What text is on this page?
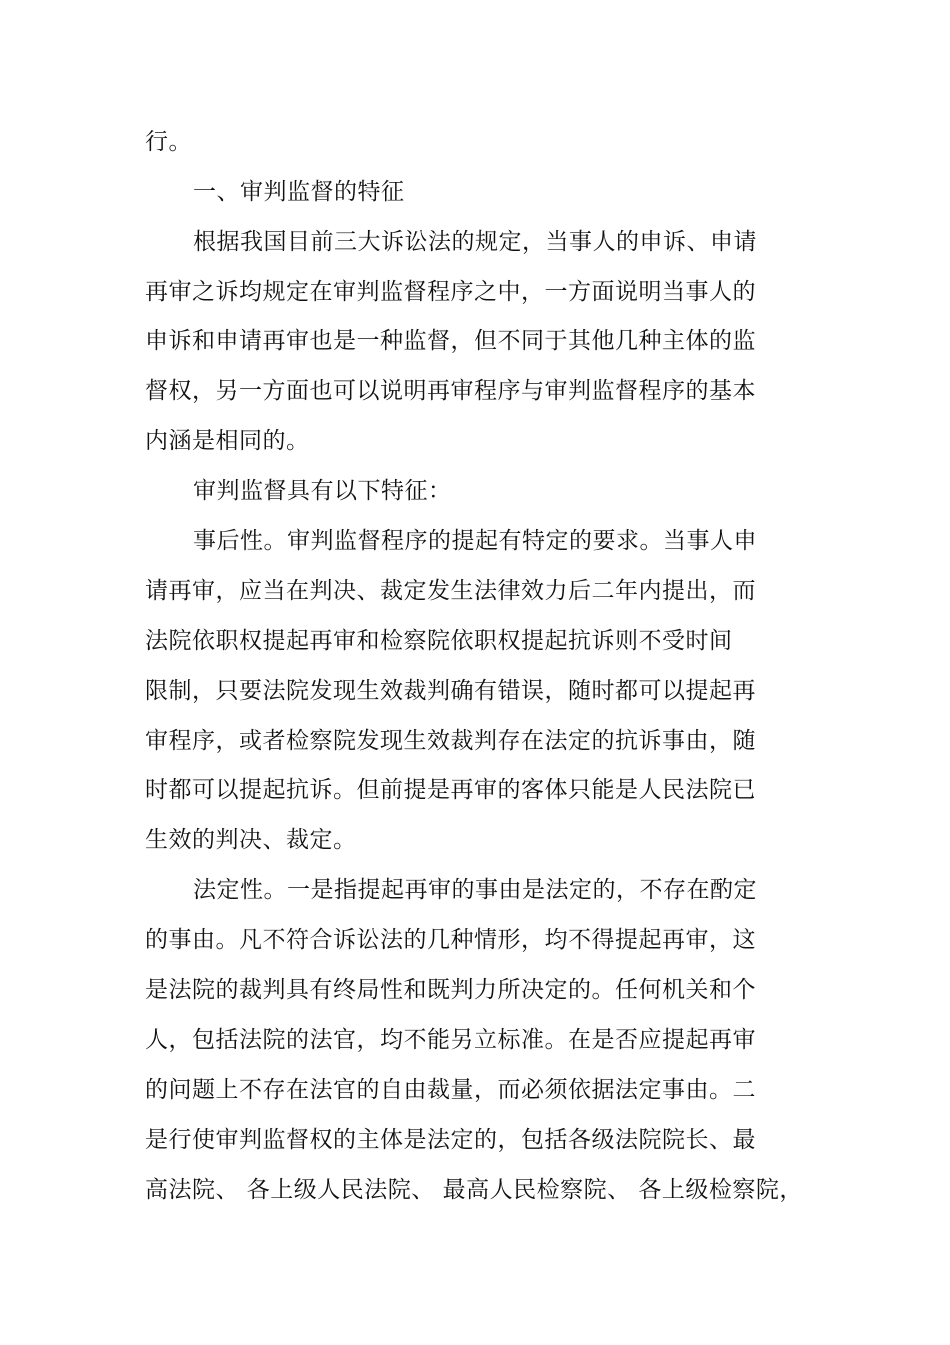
行。
一、审判监督的特征
根据我国目前三大诉讼法的规定，当事人的申诉、申请
再审之诉均规定在审判监督程序之中，一方面说明当事人的
申诉和申请再审也是一种监督，但不同于其他几种主体的监
督权，另一方面也可以说明再审程序与审判监督程序的基本
内涵是相同的。
审判监督具有以下特征：
事后性。审判监督程序的提起有特定的要求。当事人申
请再审，应当在判决、裁定发生法律效力后二年内提出，而
法院依职权提起再审和检察院依职权提起抗诉则不受时间
限制，只要法院发现生效裁判确有错误，随时都可以提起再
审程序，或者检察院发现生效裁判存在法定的抗诉事由，随
时都可以提起抗诉。但前提是再审的客体只能是人民法院已
生效的判决、裁定。
法定性。一是指提起再审的事由是法定的，不存在酌定
的事由。凡不符合诉讼法的几种情形，均不得提起再审，这
是法院的裁判具有终局性和既判力所决定的。任何机关和个
人，包括法院的法官，均不能另立标准。在是否应提起再审
的问题上不存在法官的自由裁量，而必须依据法定事由。二
是行使审判监督权的主体是法定的，包括各级法院院长、最
高法院、 各上级人民法院、 最高人民检察院、 各上级检察院，
